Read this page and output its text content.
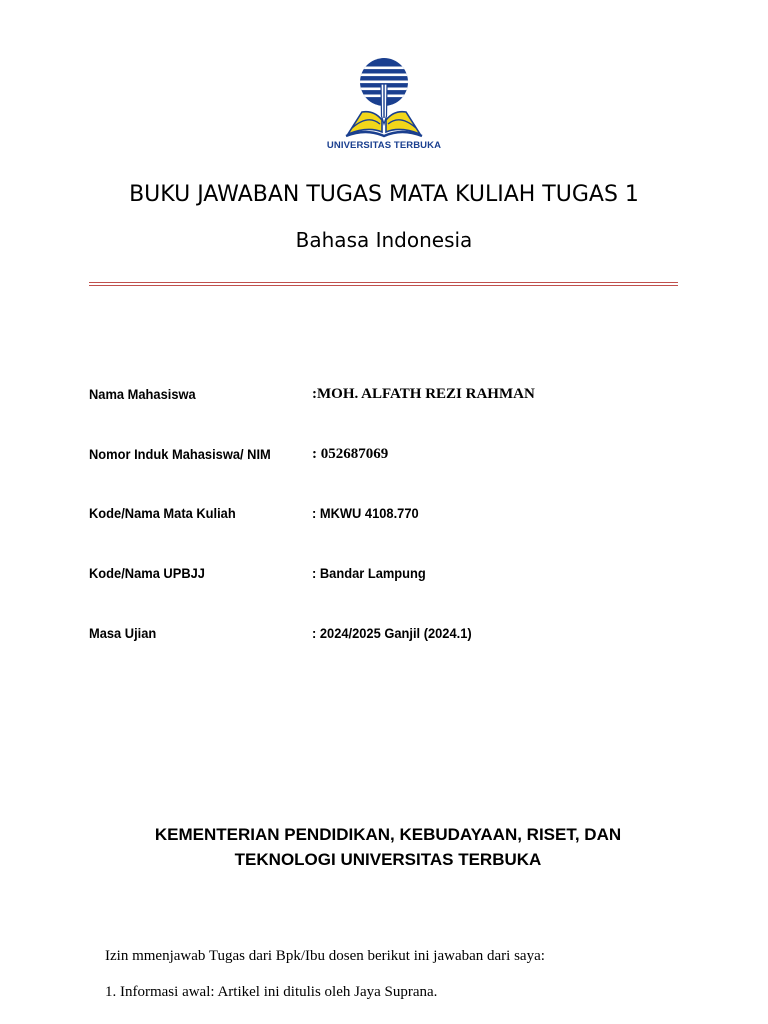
UNIVERSITAS TERBUKA
BUKU JAWABAN TUGAS MATA KULIAH TUGAS 1
Bahasa Indonesia
Nama Mahasiswa	:MOH. ALFATH REZI RAHMAN
Nomor Induk Mahasiswa/ NIM	: 052687069
Kode/Nama Mata Kuliah	: MKWU 4108.770
Kode/Nama UPBJJ	: Bandar Lampung
Masa Ujian	: 2024/2025 Ganjil (2024.1)
KEMENTERIAN PENDIDIKAN, KEBUDAYAAN, RISET, DAN
TEKNOLOGI UNIVERSITAS TERBUKA
Izin mmenjawab Tugas dari Bpk/Ibu dosen berikut ini jawaban dari saya:
1. Informasi awal: Artikel ini ditulis oleh Jaya Suprana.
